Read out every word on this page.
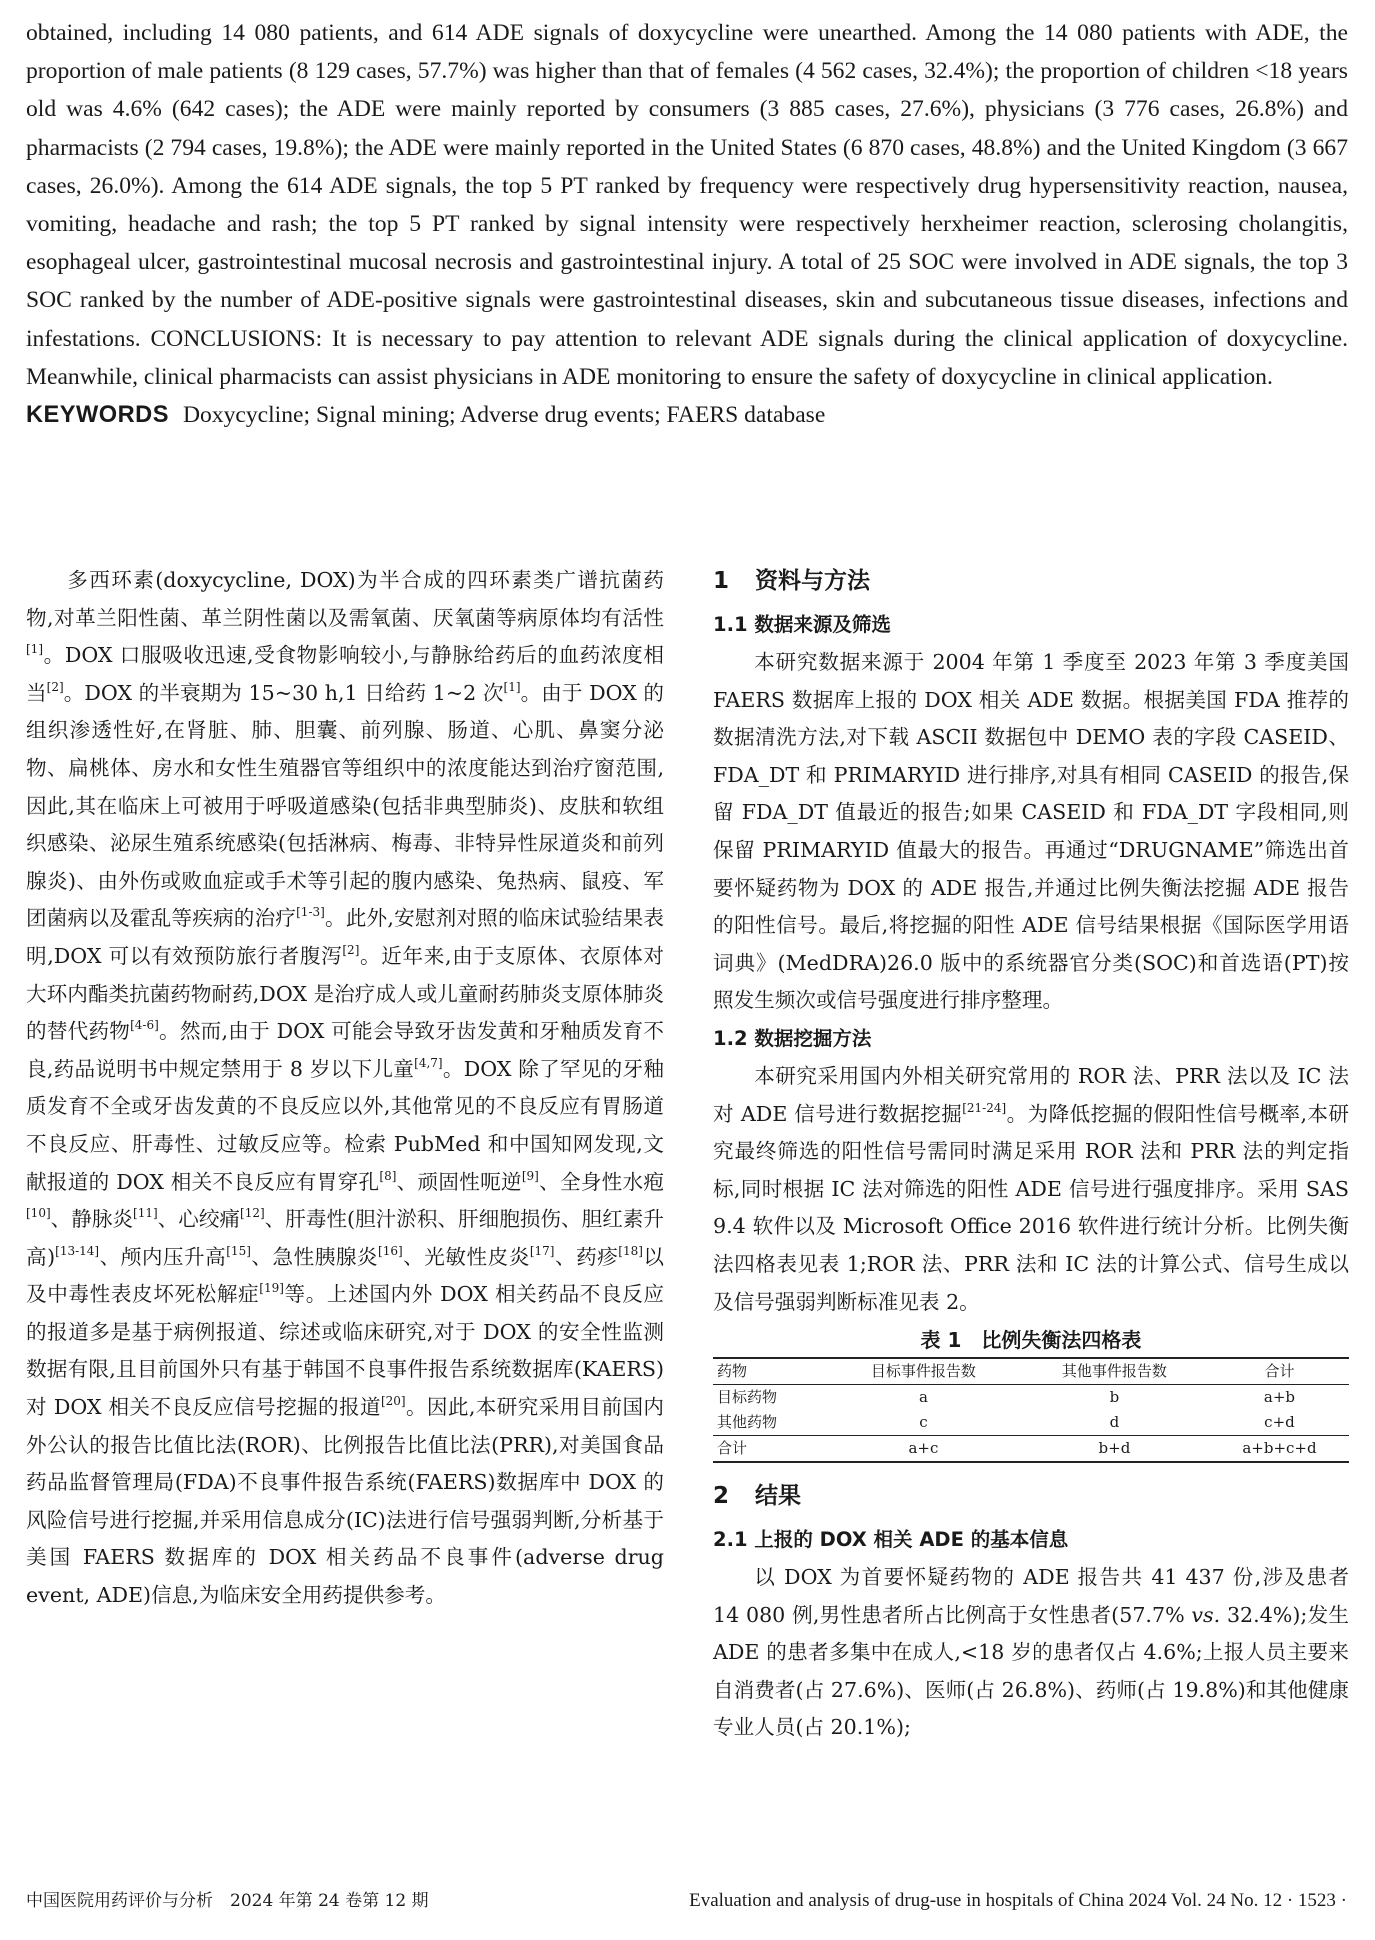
obtained, including 14 080 patients, and 614 ADE signals of doxycycline were unearthed. Among the 14 080 patients with ADE, the proportion of male patients (8 129 cases, 57.7%) was higher than that of females (4 562 cases, 32.4%); the proportion of children <18 years old was 4.6% (642 cases); the ADE were mainly reported by consumers (3 885 cases, 27.6%), physicians (3 776 cases, 26.8%) and pharmacists (2 794 cases, 19.8%); the ADE were mainly reported in the United States (6 870 cases, 48.8%) and the United Kingdom (3 667 cases, 26.0%). Among the 614 ADE signals, the top 5 PT ranked by frequency were respectively drug hypersensitivity reaction, nausea, vomiting, headache and rash; the top 5 PT ranked by signal intensity were respectively herxheimer reaction, sclerosing cholangitis, esophageal ulcer, gastrointestinal mucosal necrosis and gastrointestinal injury. A total of 25 SOC were involved in ADE signals, the top 3 SOC ranked by the number of ADE-positive signals were gastrointestinal diseases, skin and subcutaneous tissue diseases, infections and infestations. CONCLUSIONS: It is necessary to pay attention to relevant ADE signals during the clinical application of doxycycline. Meanwhile, clinical pharmacists can assist physicians in ADE monitoring to ensure the safety of doxycycline in clinical application.

KEYWORDS Doxycycline; Signal mining; Adverse drug events; FAERS database

多西环素(doxycycline, DOX)为半合成的四环素类广谱抗菌药物,对革兰阳性菌、革兰阴性菌以及需氧菌、厌氧菌等病原体均有活性[1]。DOX 口服吸收迅速,受食物影响较小,与静脉给药后的血药浓度相当[2]。DOX 的半衰期为 15~30 h,1 日给药 1~2 次[1]。由于 DOX 的组织渗透性好,在肾脏、肺、胆囊、前列腺、肠道、心肌、鼻窦分泌物、扁桃体、房水和女性生殖器官等组织中的浓度能达到治疗窗范围,因此,其在临床上可被用于呼吸道感染(包括非典型肺炎)、皮肤和软组织感染、泌尿生殖系统感染(包括淋病、梅毒、非特异性尿道炎和前列腺炎)、由外伤或败血症或手术等引起的腹内感染、兔热病、鼠疫、军团菌病以及霍乱等疾病的治疗[1-3]。此外,安慰剂对照的临床试验结果表明,DOX 可以有效预防旅行者腹泻[2]。近年来,由于支原体、衣原体对大环内酯类抗菌药物耐药,DOX 是治疗成人或儿童耐药肺炎支原体肺炎的替代药物[4-6]。然而,由于 DOX 可能会导致牙齿发黄和牙釉质发育不良,药品说明书中规定禁用于 8 岁以下儿童[4,7]。DOX 除了罕见的牙釉质发育不全或牙齿发黄的不良反应以外,其他常见的不良反应有胃肠道不良反应、肝毒性、过敏反应等。检索 PubMed 和中国知网发现,文献报道的 DOX 相关不良反应有胃穿孔[8]、顽固性呃逆[9]、全身性水疱[10]、静脉炎[11]、心绞痛[12]、肝毒性(胆汁淤积、肝细胞损伤、胆红素升高)[13-14]、颅内压升高[15]、急性胰腺炎[16]、光敏性皮炎[17]、药疹[18]以及中毒性表皮坏死松解症[19]等。上述国内外 DOX 相关药品不良反应的报道多是基于病例报道、综述或临床研究,对于 DOX 的安全性监测数据有限,且目前国外只有基于韩国不良事件报告系统数据库(KAERS)对 DOX 相关不良反应信号挖掘的报道[20]。因此,本研究采用目前国内外公认的报告比值比法(ROR)、比例报告比值比法(PRR),对美国食品药品监督管理局(FDA)不良事件报告系统(FAERS)数据库中 DOX 的风险信号进行挖掘,并采用信息成分(IC)法进行信号强弱判断,分析基于美国 FAERS 数据库的 DOX 相关药品不良事件(adverse drug event, ADE)信息,为临床安全用药提供参考。

1 资料与方法
1.1 数据来源及筛选

本研究数据来源于 2004 年第 1 季度至 2023 年第 3 季度美国 FAERS 数据库上报的 DOX 相关 ADE 数据。根据美国 FDA 推荐的数据清洗方法,对下载 ASCII 数据包中 DEMO 表的字段 CASEID、FDA_DT 和 PRIMARYID 进行排序,对具有相同 CASEID 的报告,保留 FDA_DT 值最近的报告;如果 CASEID 和 FDA_DT 字段相同,则保留 PRIMARYID 值最大的报告。再通过“DRUGNAME”筛选出首要怀疑药物为 DOX 的 ADE 报告,并通过比例失衡法挖掘 ADE 报告的阳性信号。最后,将挖掘的阳性 ADE 信号结果根据《国际医学用语词典》(MedDRA)26.0 版中的系统器官分类(SOC)和首选语(PT)按照发生频次或信号强度进行排序整理。

1.2 数据挖掘方法

本研究采用国内外相关研究常用的 ROR 法、PRR 法以及 IC 法对 ADE 信号进行数据挖掘[21-24]。为降低挖掘的假阳性信号概率,本研究最终筛选的阳性信号需同时满足采用 ROR 法和 PRR 法的判定指标,同时根据 IC 法对筛选的阳性 ADE 信号进行强度排序。采用 SAS 9.4 软件以及 Microsoft Office 2016 软件进行统计分析。比例失衡法四格表见表 1;ROR 法、PRR 法和 IC 法的计算公式、信号生成以及信号强弱判断标准见表 2。

表 1　比例失衡法四格表
药物	目标事件报告数	其他事件报告数	合计
目标药物	a	b	a+b
其他药物	c	d	c+d
合计	a+c	b+d	a+b+c+d
2 结果
2.1 上报的 DOX 相关 ADE 的基本信息

以 DOX 为首要怀疑药物的 ADE 报告共 41 437 份,涉及患者 14 080 例,男性患者所占比例高于女性患者(57.7% vs. 32.4%);发生 ADE 的患者多集中在成人,<18 岁的患者仅占 4.6%;上报人员主要来自消费者(占 27.6%)、医师(占 26.8%)、药师(占 19.8%)和其他健康专业人员(占 20.1%);

中国医院用药评价与分析　2024 年第 24 卷第 12 期	Evaluation and analysis of drug-use in hospitals of China 2024 Vol. 24 No. 12 · 1523 ·
